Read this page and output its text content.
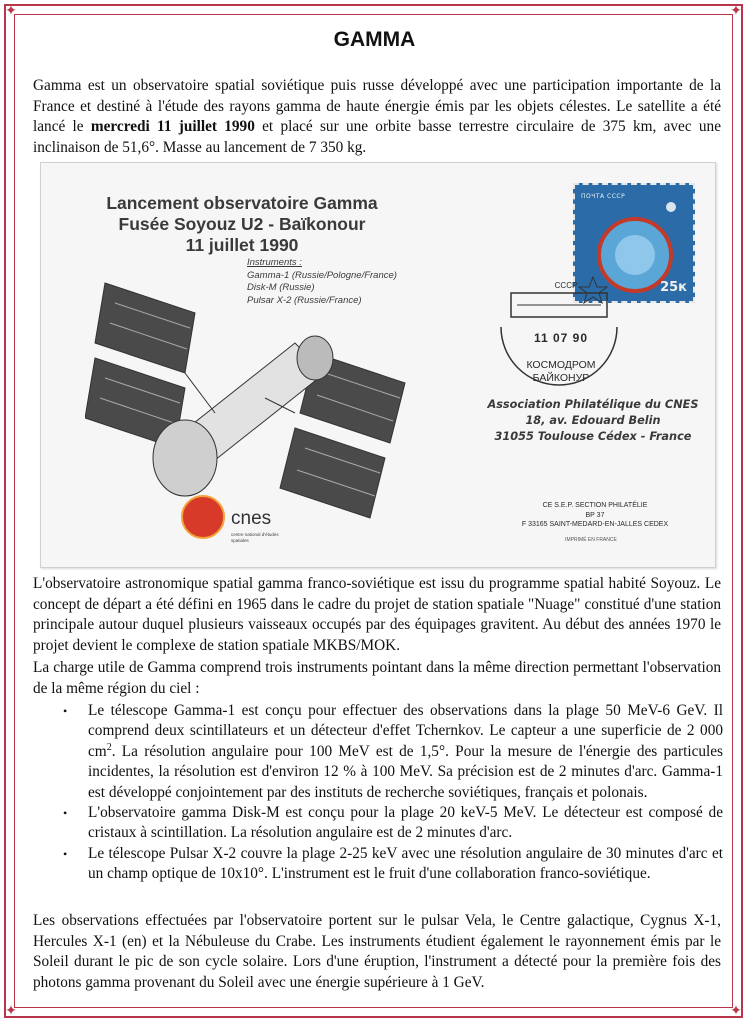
✦	✦
✦	✦
GAMMA

Gamma est un observatoire spatial soviétique puis russe développé avec une participation importante de la France et destiné à l'étude des rayons gamma de haute énergie émis par les objets célestes. Le satellite a été lancé le mercredi 11 juillet 1990 et placé sur une orbite basse terrestre circulaire de 375 km, avec une inclinaison de 51,6°. Masse au lancement de 7 350 kg.

Lancement observatoire Gamma
Fusée Soyouz U2 - Baïkonour
11 juillet 1990
Instruments :
Gamma-1 (Russie/Pologne/France)
Disk-M (Russie)
Pulsar X-2 (Russie/France)
ПОЧТА СССР
25к
CCCP
11 07 90
КОСМОДРОМ
БАЙКОНУР
Association Philatélique du CNES
18, av. Edouard Belin
31055 Toulouse Cédex - France
CE S.E.P. SECTION PHILATÉLIE
BP 37
F 33165 SAINT-MEDARD-EN-JALLES CEDEX
IMPRIMÉ EN FRANCE
cnes
centre national d'études spatiales

L'observatoire astronomique spatial gamma franco-soviétique est issu du programme spatial habité Soyouz. Le concept de départ a été défini en 1965 dans le cadre du projet de station spatiale "Nuage" constitué d'une station principale autour duquel plusieurs vaisseaux occupés par des équipages gravitent. Au début des années 1970 le projet devient le complexe de station spatiale MKBS/MOK.

La charge utile de Gamma comprend trois instruments pointant dans la même direction permettant l'observation de la même région du ciel :

• Le télescope Gamma-1 est conçu pour effectuer des observations dans la plage 50 MeV-6 GeV. Il comprend deux scintillateurs et un détecteur d'effet Tchernkov. Le capteur a une superficie de 2 000 $cm^2$. La résolution angulaire pour 100 MeV est de 1,5°. Pour la mesure de l'énergie des particules incidentes, la résolution est d'environ 12 % à 100 MeV. Sa précision est de 2 minutes d'arc. Gamma-1 est développé conjointement par des instituts de recherche soviétiques, français et polonais.
• L'observatoire gamma Disk-M est conçu pour la plage 20 keV-5 MeV. Le détecteur est composé de cristaux à scintillation. La résolution angulaire est de 2 minutes d'arc.
• Le télescope Pulsar X-2 couvre la plage 2-25 keV avec une résolution angulaire de 30 minutes d'arc et un champ optique de 10x10°. L'instrument est le fruit d'une collaboration franco-soviétique.

Les observations effectuées par l'observatoire portent sur le pulsar Vela, le Centre galactique, Cygnus X-1, Hercules X-1 (en) et la Nébuleuse du Crabe. Les instruments étudient également le rayonnement émis par le Soleil durant le pic de son cycle solaire. Lors d'une éruption, l'instrument a détecté pour la première fois des photons gamma provenant du Soleil avec une énergie supérieure à 1 GeV.
